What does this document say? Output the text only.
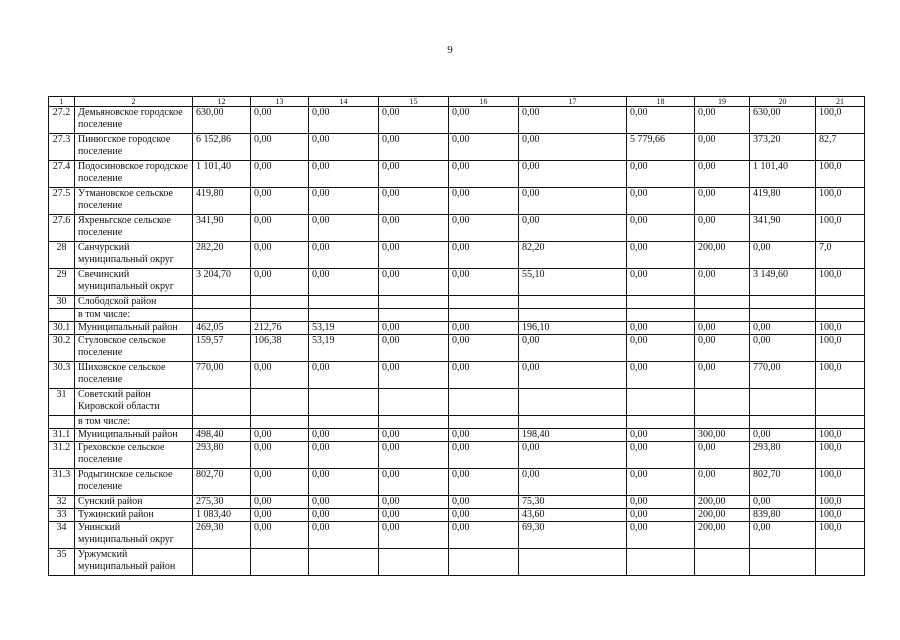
9
1	2	12	13	14	15	16	17	18	19	20	21
27.2	Демьяновское городское поселение	630,00	0,00	0,00	0,00	0,00	0,00	0,00	0,00	630,00	100,0
27.3	Пинюгское городское поселение	6 152,86	0,00	0,00	0,00	0,00	0,00	5 779,66	0,00	373,20	82,7
27.4	Подосиновское городское поселение	1 101,40	0,00	0,00	0,00	0,00	0,00	0,00	0,00	1 101,40	100,0
27.5	Утмановское сельское поселение	419,80	0,00	0,00	0,00	0,00	0,00	0,00	0,00	419,80	100,0
27.6	Яхреньгское сельское поселение	341,90	0,00	0,00	0,00	0,00	0,00	0,00	0,00	341,90	100,0
28	Санчурский муниципальный округ	282,20	0,00	0,00	0,00	0,00	82,20	0,00	200,00	0,00	7,0
29	Свечинский муниципальный округ	3 204,70	0,00	0,00	0,00	0,00	55,10	0,00	0,00	3 149,60	100,0
30	Слободской район										
	в том числе:										
30.1	Муниципальный район	462,05	212,76	53,19	0,00	0,00	196,10	0,00	0,00	0,00	100,0
30.2	Стуловское сельское поселение	159,57	106,38	53,19	0,00	0,00	0,00	0,00	0,00	0,00	100,0
30.3	Шиховское сельское поселение	770,00	0,00	0,00	0,00	0,00	0,00	0,00	0,00	770,00	100,0
31	Советский район Кировской области										
	в том числе:										
31.1	Муниципальный район	498,40	0,00	0,00	0,00	0,00	198,40	0,00	300,00	0,00	100,0
31.2	Греховское сельское поселение	293,80	0,00	0,00	0,00	0,00	0,00	0,00	0,00	293,80	100,0
31.3	Родыгинское сельское поселение	802,70	0,00	0,00	0,00	0,00	0,00	0,00	0,00	802,70	100,0
32	Сунский район	275,30	0,00	0,00	0,00	0,00	75,30	0,00	200,00	0,00	100,0
33	Тужинский район	1 083,40	0,00	0,00	0,00	0,00	43,60	0,00	200,00	839,80	100,0
34	Унинский муниципальный округ	269,30	0,00	0,00	0,00	0,00	69,30	0,00	200,00	0,00	100,0
35	Уржумский муниципальный район										
